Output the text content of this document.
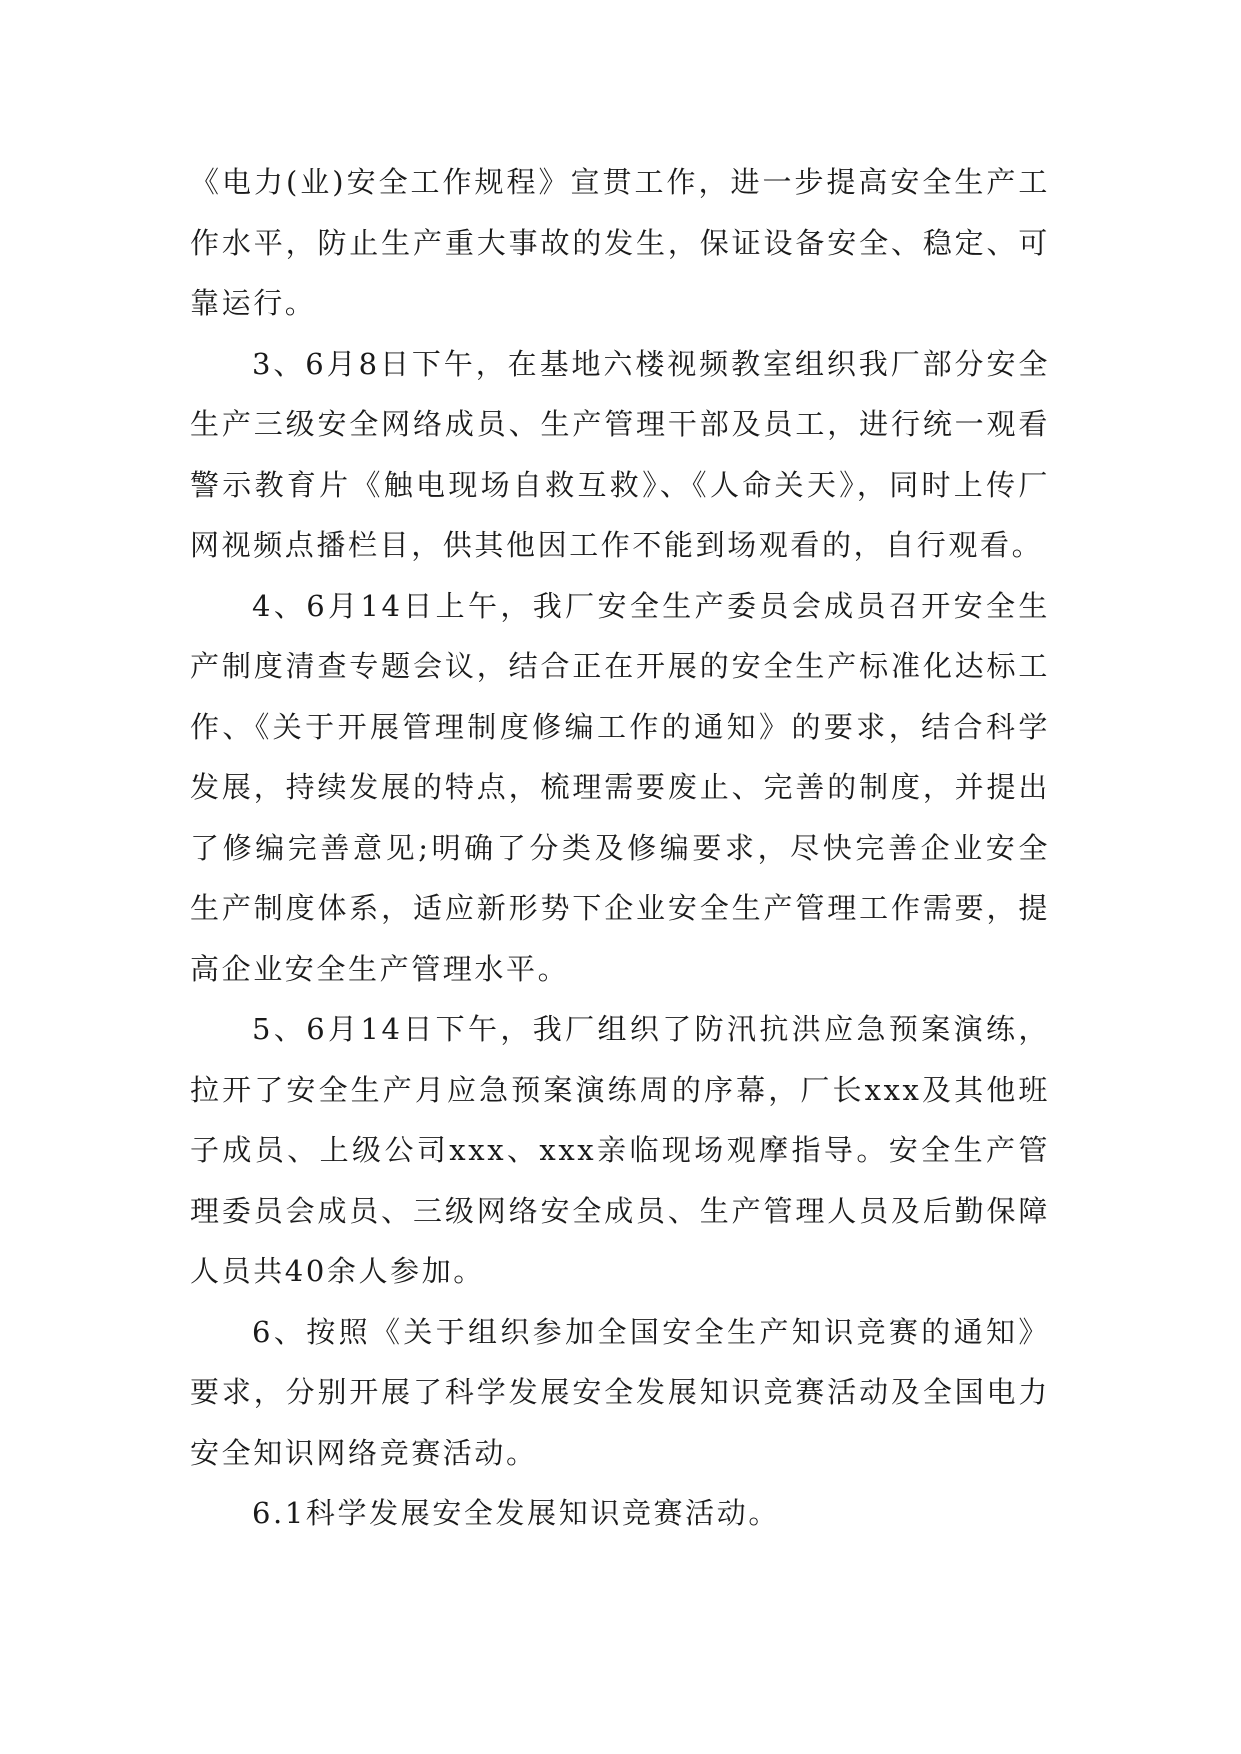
《电力(业)安全工作规程》宣贯工作，进一步提高安全生产工作水平，防止生产重大事故的发生，保证设备安全、稳定、可靠运行。

3、6月8日下午，在基地六楼视频教室组织我厂部分安全生产三级安全网络成员、生产管理干部及员工，进行统一观看警示教育片《触电现场自救互救》、《人命关天》，同时上传厂网视频点播栏目，供其他因工作不能到场观看的，自行观看。

4、6月14日上午，我厂安全生产委员会成员召开安全生产制度清查专题会议，结合正在开展的安全生产标准化达标工作、《关于开展管理制度修编工作的通知》的要求，结合科学发展，持续发展的特点，梳理需要废止、完善的制度，并提出了修编完善意见;明确了分类及修编要求，尽快完善企业安全生产制度体系，适应新形势下企业安全生产管理工作需要，提高企业安全生产管理水平。

5、6月14日下午，我厂组织了防汛抗洪应急预案演练，拉开了安全生产月应急预案演练周的序幕，厂长xxx及其他班子成员、上级公司xxx、xxx亲临现场观摩指导。安全生产管理委员会成员、三级网络安全成员、生产管理人员及后勤保障人员共40余人参加。

6、按照《关于组织参加全国安全生产知识竞赛的通知》要求，分别开展了科学发展安全发展知识竞赛活动及全国电力安全知识网络竞赛活动。

6.1科学发展安全发展知识竞赛活动。
